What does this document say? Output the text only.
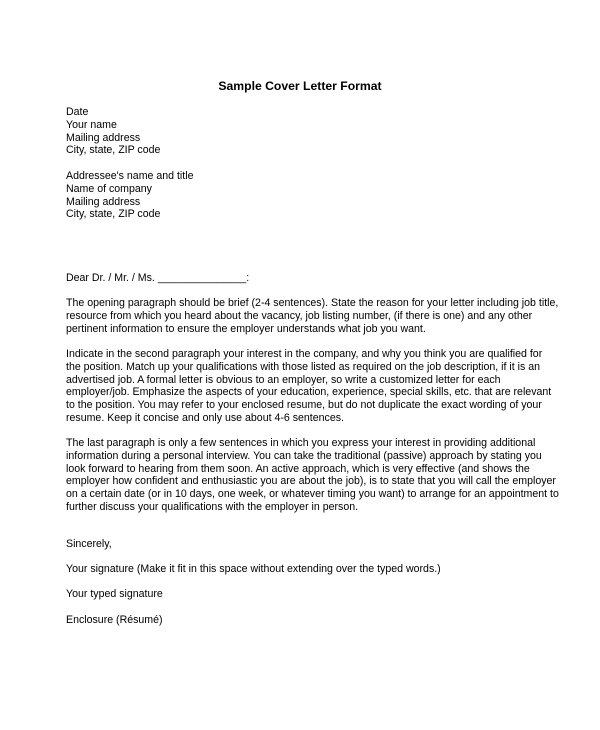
Sample Cover Letter Format
Date
Your name
Mailing address
City, state, ZIP code
Addressee's name and title
Name of company
Mailing address
City, state, ZIP code
Dear Dr. / Mr. / Ms. _______________:
The opening paragraph should be brief (2-4 sentences). State the reason for your letter including job title,
resource from which you heard about the vacancy, job listing number, (if there is one) and any other
pertinent information to ensure the employer understands what job you want.
Indicate in the second paragraph your interest in the company, and why you think you are qualified for
the position. Match up your qualifications with those listed as required on the job description, if it is an
advertised job. A formal letter is obvious to an employer, so write a customized letter for each
employer/job. Emphasize the aspects of your education, experience, special skills, etc. that are relevant
to the position. You may refer to your enclosed resume, but do not duplicate the exact wording of your
resume. Keep it concise and only use about 4-6 sentences.
The last paragraph is only a few sentences in which you express your interest in providing additional
information during a personal interview. You can take the traditional (passive) approach by stating you
look forward to hearing from them soon. An active approach, which is very effective (and shows the
employer how confident and enthusiastic you are about the job), is to state that you will call the employer
on a certain date (or in 10 days, one week, or whatever timing you want) to arrange for an appointment to
further discuss your qualifications with the employer in person.
Sincerely,
Your signature (Make it fit in this space without extending over the typed words.)
Your typed signature
Enclosure (Résumé)
